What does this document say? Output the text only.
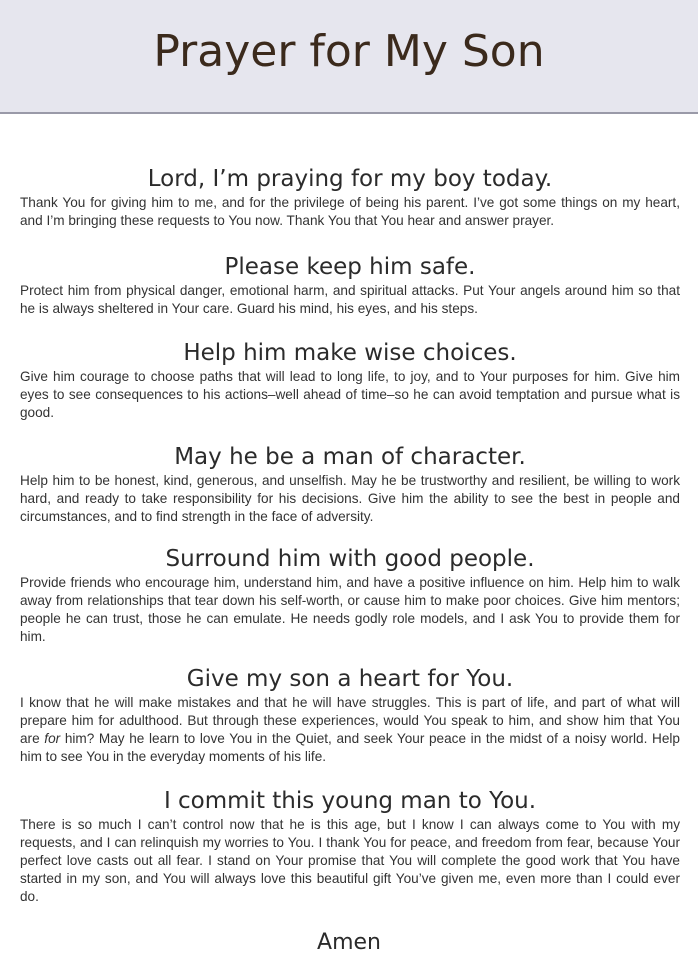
Prayer for My Son
Lord, I’m praying for my boy today.

Thank You for giving him to me, and for the privilege of being his parent. I’ve got some things on my heart, and I’m bringing these requests to You now. Thank You that You hear and answer prayer.

Please keep him safe.

Protect him from physical danger, emotional harm, and spiritual attacks. Put Your angels around him so that he is always sheltered in Your care. Guard his mind, his eyes, and his steps.

Help him make wise choices.

Give him courage to choose paths that will lead to long life, to joy, and to Your purposes for him. Give him eyes to see consequences to his actions–well ahead of time–so he can avoid temptation and pursue what is good.

May he be a man of character.

Help him to be honest, kind, generous, and unselfish. May he be trustworthy and resilient, be willing to work hard, and ready to take responsibility for his decisions. Give him the ability to see the best in people and circumstances, and to find strength in the face of adversity.

Surround him with good people.

Provide friends who encourage him, understand him, and have a positive influence on him. Help him to walk away from relationships that tear down his self-worth, or cause him to make poor choices. Give him mentors; people he can trust, those he can emulate. He needs godly role models, and I ask You to provide them for him.

Give my son a heart for You.

I know that he will make mistakes and that he will have struggles. This is part of life, and part of what will prepare him for adulthood. But through these experiences, would You speak to him, and show him that You are for him? May he learn to love You in the Quiet, and seek Your peace in the midst of a noisy world. Help him to see You in the everyday moments of his life.

I commit this young man to You.

There is so much I can’t control now that he is this age, but I know I can always come to You with my requests, and I can relinquish my worries to You. I thank You for peace, and freedom from fear, because Your perfect love casts out all fear. I stand on Your promise that You will complete the good work that You have started in my son, and You will always love this beautiful gift You’ve given me, even more than I could ever do.

Amen
